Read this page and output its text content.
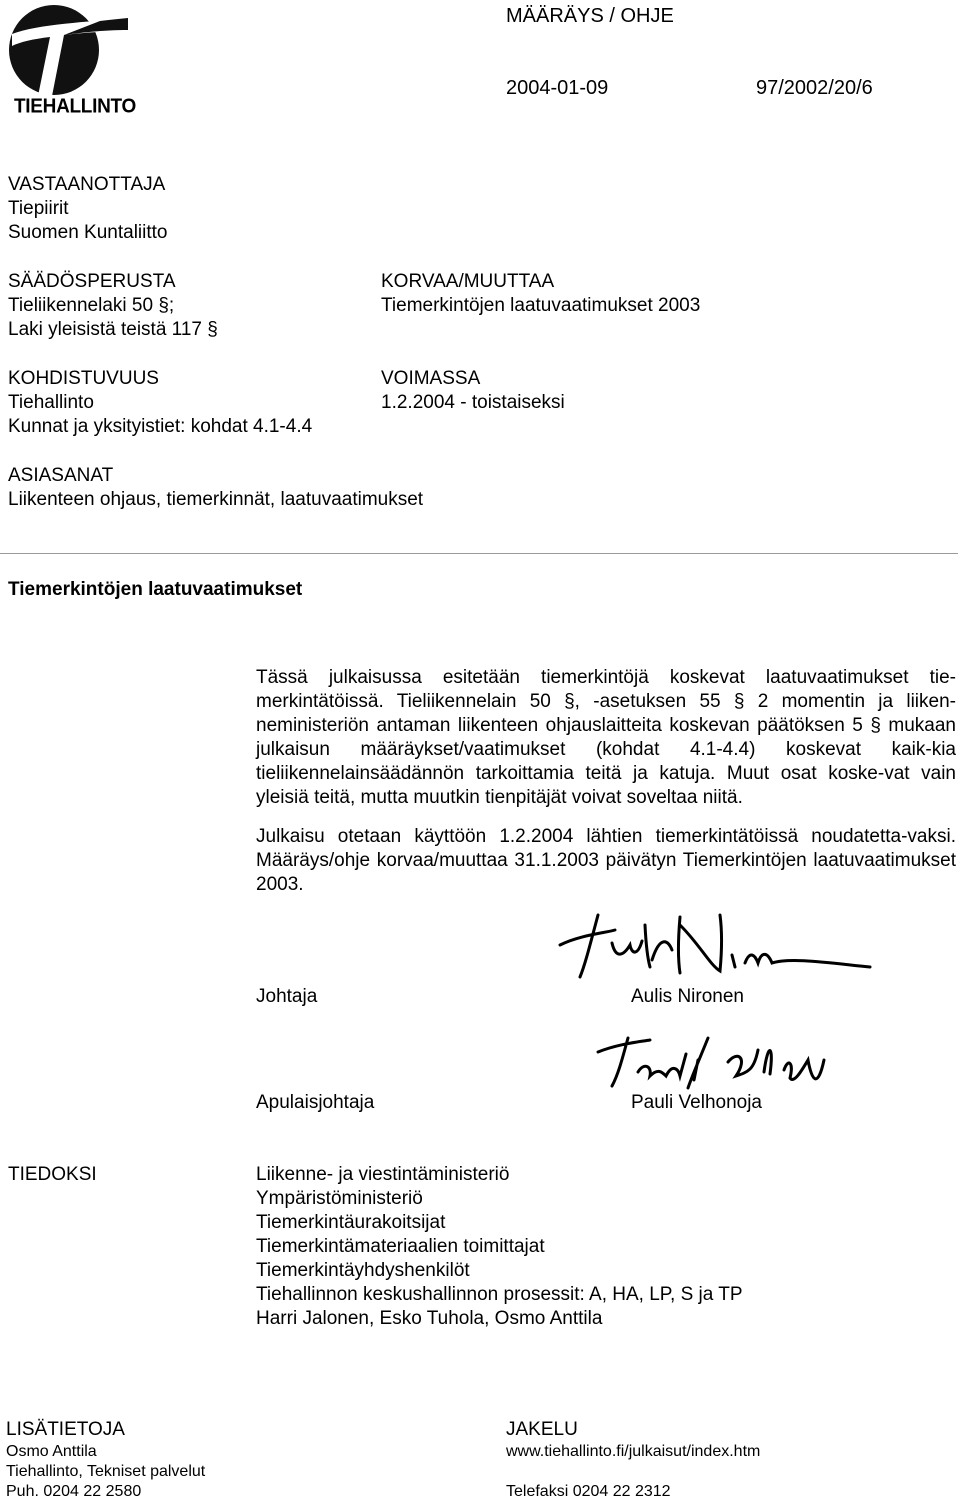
TIEHALLINTO
MÄÄRÄYS / OHJE
2004-01-09	97/2002/20/6
VASTAANOTTAJA
Tiepiirit
Suomen Kuntaliitto
SÄÄDÖSPERUSTA
Tieliikennelaki 50 §;
Laki yleisistä teistä 117 §
KORVAA/MUUTTAA
Tiemerkintöjen laatuvaatimukset 2003
KOHDISTUVUUS
Tiehallinto
Kunnat ja yksityistiet: kohdat 4.1-4.4
VOIMASSA
1.2.2004 - toistaiseksi
ASIASANAT
Liikenteen ohjaus, tiemerkinnät, laatuvaatimukset
Tiemerkintöjen laatuvaatimukset
Tässä julkaisussa esitetään tiemerkintöjä koskevat laatuvaatimukset tie-merkintätöissä. Tieliikennelain 50 §, -asetuksen 55 § 2 momentin ja liiken-neministeriön antaman liikenteen ohjauslaitteita koskevan päätöksen 5 § mukaan julkaisun määräykset/vaatimukset (kohdat 4.1-4.4) koskevat kaik-kia tieliikennelainsäädännön tarkoittamia teitä ja katuja. Muut osat koske-vat vain yleisiä teitä, mutta muutkin tienpitäjät voivat soveltaa niitä.
Julkaisu otetaan käyttöön 1.2.2004 lähtien tiemerkintätöissä noudatetta-vaksi. Määräys/ohje korvaa/muuttaa 31.1.2003 päivätyn Tiemerkintöjen laatuvaatimukset 2003.
Johtaja	Aulis Nironen
Apulaisjohtaja	Pauli Velhonoja
TIEDOKSI	Liikenne- ja viestintäministeriö
Ympäristöministeriö
Tiemerkintäurakoitsijat
Tiemerkintämateriaalien toimittajat
Tiemerkintäyhdyshenkilöt
Tiehallinnon keskushallinnon prosessit: A, HA, LP, S ja TP
Harri Jalonen, Esko Tuhola, Osmo Anttila
LISÄTIETOJA
Osmo Anttila
Tiehallinto, Tekniset palvelut
Puh. 0204 22 2580
JAKELU
www.tiehallinto.fi/julkaisut/index.htm
Telefaksi 0204 22 2312
